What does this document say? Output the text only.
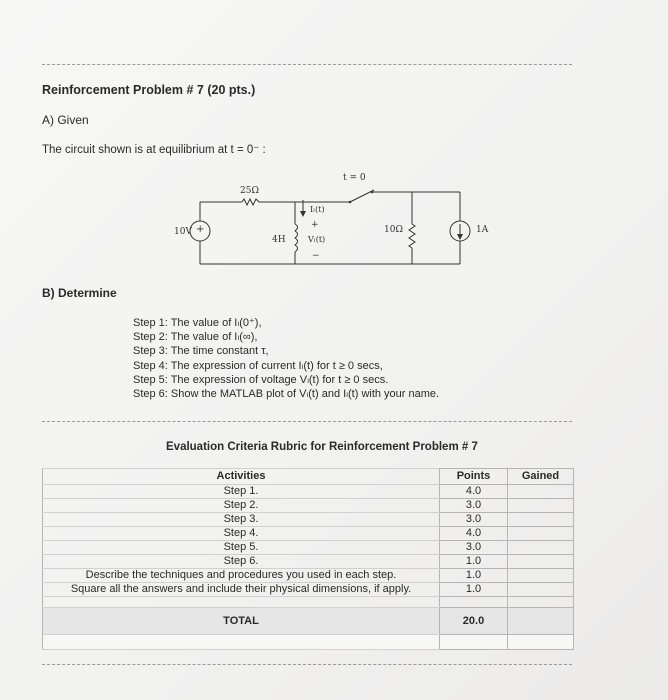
Reinforcement Problem # 7 (20 pts.)
A) Given
The circuit shown is at equilibrium at t = 0⁻ :
t = 0
25Ω
10V +
4H
Iₗ(t)
+
Vₗ(t)
−
10Ω	1A
B) Determine
Step 1: The value of Iₗ(0⁺),
Step 2: The value of Iₗ(∞),
Step 3: The time constant τ,
Step 4: The expression of current Iₗ(t) for t ≥ 0 secs,
Step 5: The expression of voltage Vₗ(t) for t ≥ 0 secs.
Step 6: Show the MATLAB plot of Vₗ(t) and Iₗ(t) with your name.
Evaluation Criteria Rubric for Reinforcement Problem # 7
Activities	Points	Gained
Step 1.	4.0	
Step 2.	3.0	
Step 3.	3.0	
Step 4.	4.0	
Step 5.	3.0	
Step 6.	1.0	
Describe the techniques and procedures you used in each step.	1.0	
Square all the answers and include their physical dimensions, if apply.	1.0	

TOTAL	20.0	
